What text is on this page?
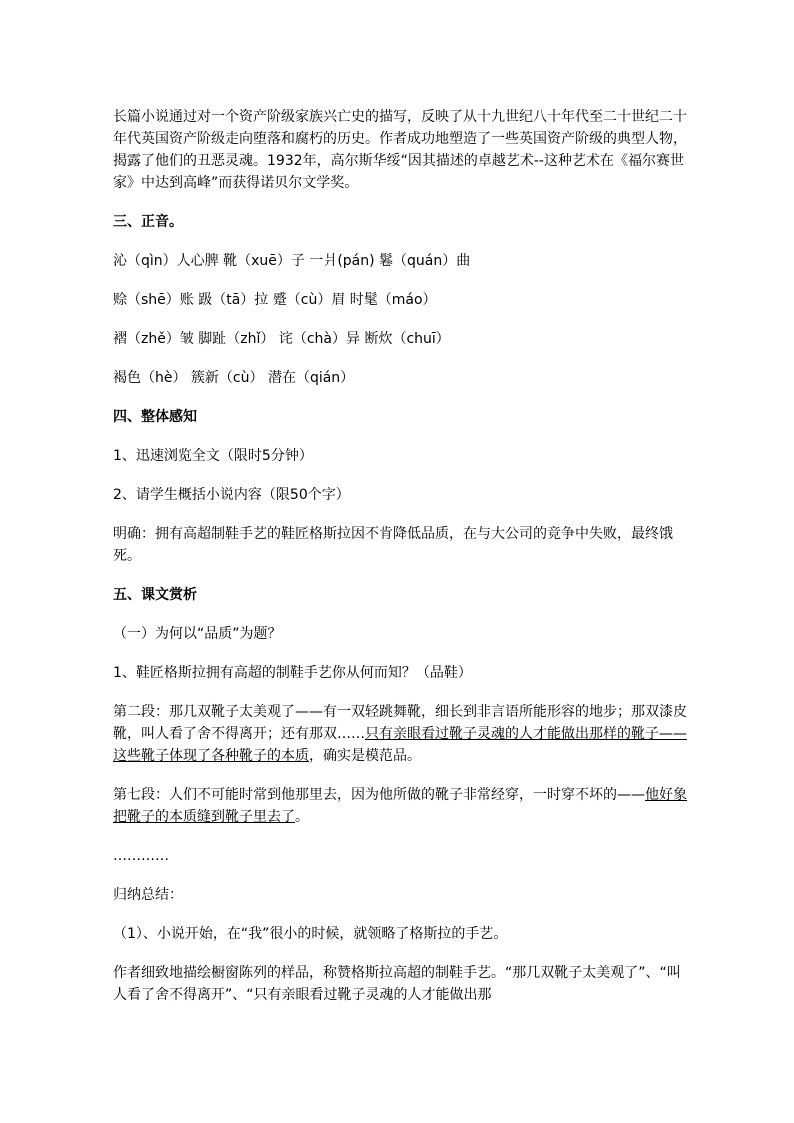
长篇小说通过对一个资产阶级家族兴亡史的描写，反映了从十九世纪八十年代至二十世纪二十年代英国资产阶级走向堕落和腐朽的历史。作者成功地塑造了一些英国资产阶级的典型人物，揭露了他们的丑恶灵魂。1932年，高尔斯华绥“因其描述的卓越艺术--这种艺术在《福尔赛世家》中达到高峰”而获得诺贝尔文学奖。

三、正音。

沁（qìn）人心脾 靴（xuē）子 一爿(pán) 鬈（quán）曲

赊（shē）账 趿（tā）拉 蹙（cù）眉 时髦（máo）

褶（zhě）皱 脚趾（zhǐ） 诧（chà）异 断炊（chuī）

褐色（hè） 簇新（cù） 潜在（qián）

四、整体感知

1、迅速浏览全文（限时5分钟）

2、请学生概括小说内容（限50个字）

明确：拥有高超制鞋手艺的鞋匠格斯拉因不肯降低品质，在与大公司的竞争中失败，最终饿死。

五、课文赏析

（一）为何以“品质”为题？

1、鞋匠格斯拉拥有高超的制鞋手艺你从何而知？（品鞋）

第二段：那几双靴子太美观了——有一双轻跳舞靴，细长到非言语所能形容的地步；那双漆皮靴，叫人看了舍不得离开；还有那双……只有亲眼看过靴子灵魂的人才能做出那样的靴子——这些靴子体现了各种靴子的本质，确实是模范品。

第七段：人们不可能时常到他那里去，因为他所做的靴子非常经穿，一时穿不坏的——他好象把靴子的本质缝到靴子里去了。

…………

归纳总结：

（1）、小说开始，在“我”很小的时候，就领略了格斯拉的手艺。

作者细致地描绘橱窗陈列的样品，称赞格斯拉高超的制鞋手艺。“那几双靴子太美观了”、“叫人看了舍不得离开”、“只有亲眼看过靴子灵魂的人才能做出那
